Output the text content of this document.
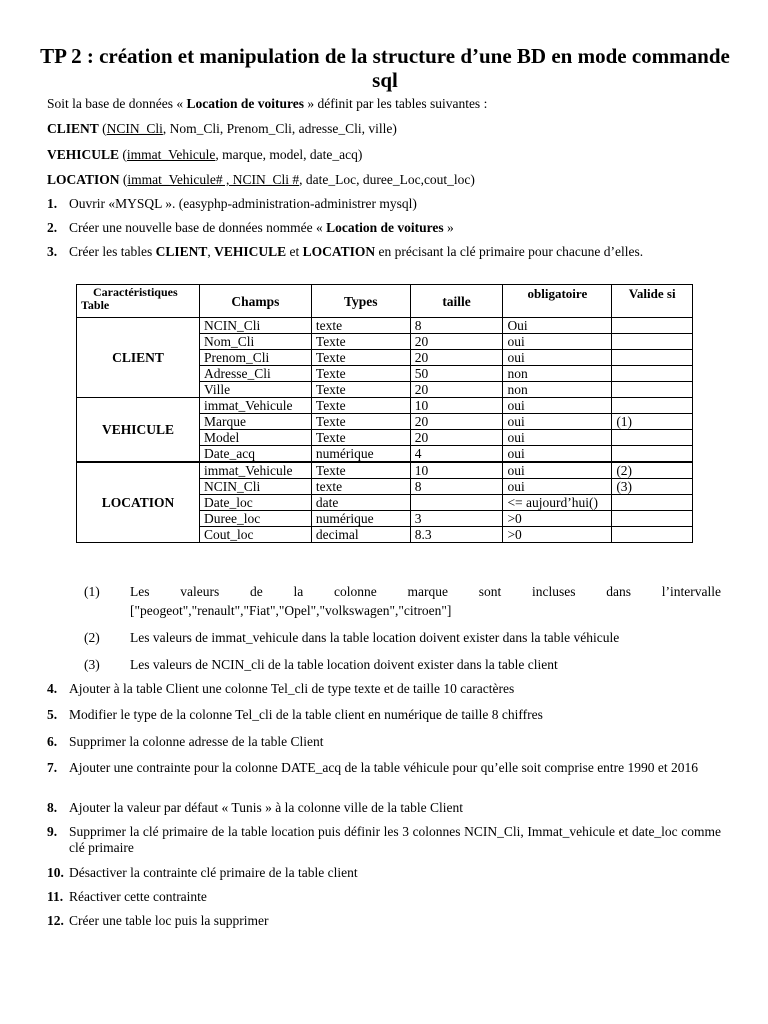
TP 2 : création et manipulation de la structure d’une BD en mode commande sql
Soit la base de données « Location de voitures » définit par les tables suivantes :
CLIENT (NCIN_Cli, Nom_Cli, Prenom_Cli, adresse_Cli, ville)
VEHICULE (immat_Vehicule, marque, model, date_acq)
LOCATION (immat_Vehicule# , NCIN_Cli #, date_Loc, duree_Loc,cout_loc)
1. Ouvrir «MYSQL ». (easyphp-administration-administrer mysql)
2. Créer une nouvelle base de données nommée « Location de voitures »
3. Créer les tables CLIENT, VEHICULE et LOCATION en précisant la clé primaire pour chacune d’elles.
Caractéristiques
Table	Champs	Types	taille	obligatoire	Valide si
CLIENT	NCIN_Cli	texte	8	Oui	
	Nom_Cli	Texte	20	oui	
	Prenom_Cli	Texte	20	oui	
	Adresse_Cli	Texte	50	non	
	Ville	Texte	20	non	
VEHICULE	immat_Vehicule	Texte	10	oui	
	Marque	Texte	20	oui	(1)
	Model	Texte	20	oui	
	Date_acq	numérique	4	oui	
LOCATION	immat_Vehicule	Texte	10	oui	(2)
	NCIN_Cli	texte	8	oui	(3)
	Date_loc	date		<= aujourd’hui()	
	Duree_loc	numérique	3	>0	
	Cout_loc	decimal	8.3	>0	
(1) Les valeurs de la colonne marque sont incluses dans l’intervalle ["peogeot","renault","Fiat","Opel","volkswagen","citroen"]
(2) Les valeurs de immat_vehicule dans la table location doivent exister dans la table véhicule
(3) Les valeurs de NCIN_cli de la table location doivent exister dans la table client
4. Ajouter à la table Client une colonne Tel_cli de type texte et de taille 10 caractères
5. Modifier le type de la colonne Tel_cli de la table client en numérique de taille 8 chiffres
6. Supprimer la colonne adresse de la table Client
7. Ajouter une contrainte pour la colonne DATE_acq de la table véhicule pour qu’elle soit comprise entre 1990 et 2016
8. Ajouter la valeur par défaut « Tunis » à la colonne ville de la table Client
9. Supprimer la clé primaire de la table location puis définir les 3 colonnes NCIN_Cli, Immat_vehicule et date_loc comme clé primaire
10. Désactiver la contrainte clé primaire de la table client
11. Réactiver cette contrainte
12. Créer une table loc puis la supprimer
